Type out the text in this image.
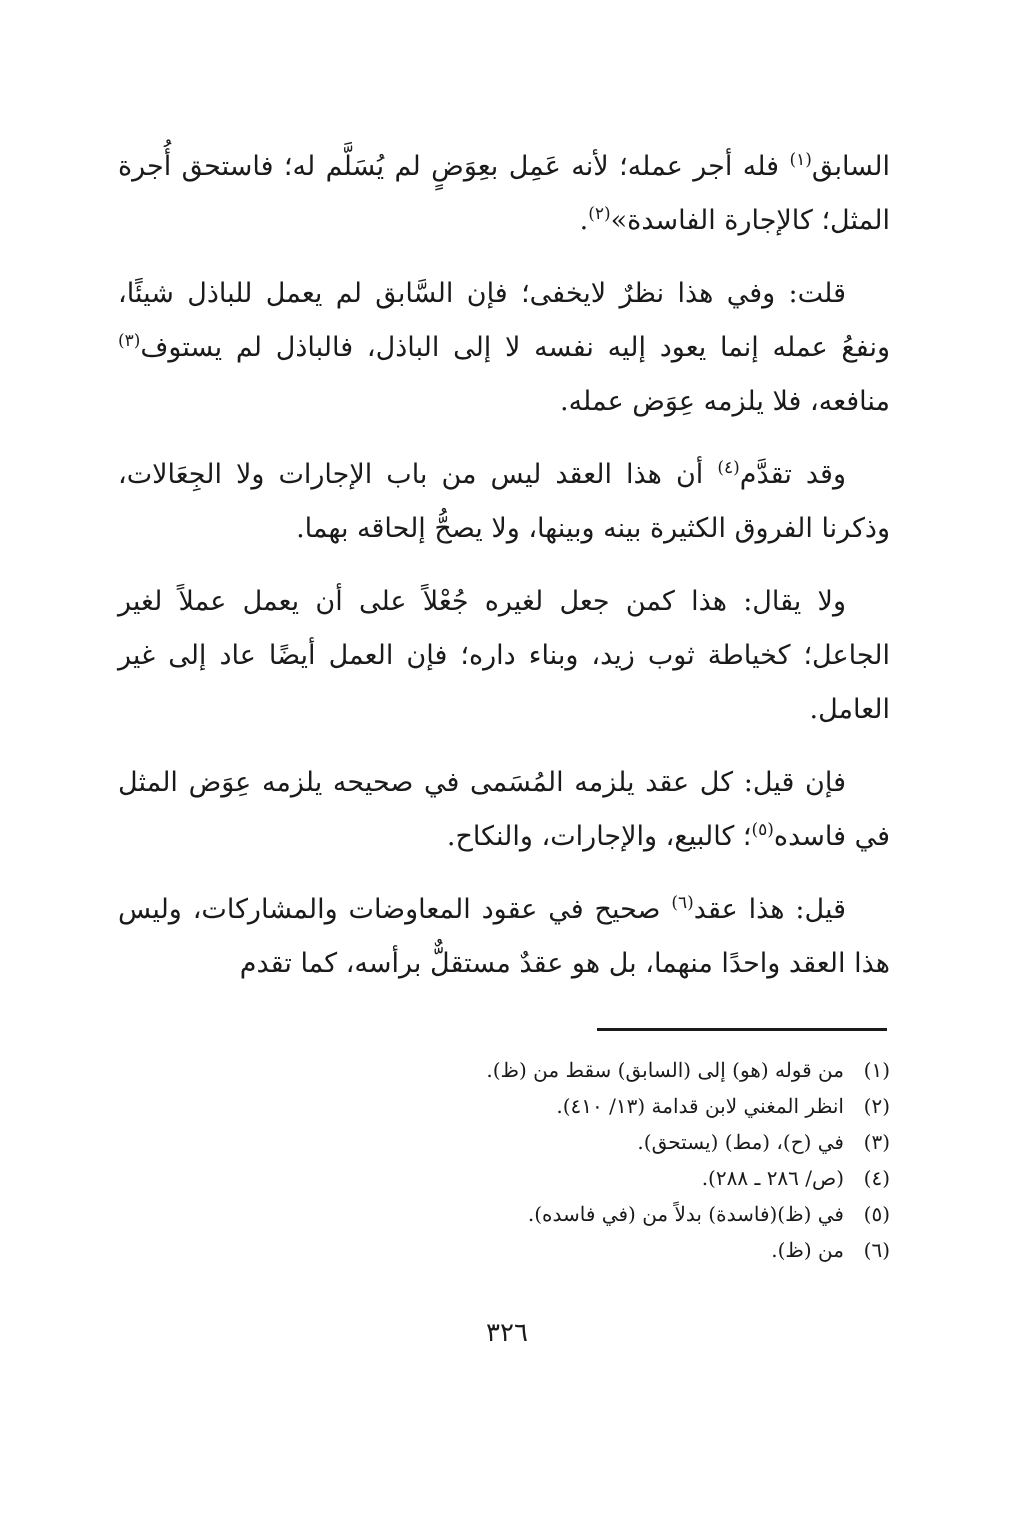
السابق$^{(١)}$ فله أجر عمله؛ لأنه عَمِل بعِوَضٍ لم يُسَلَّم له؛ فاستحق أُجرة المثل؛ كالإجارة الفاسدة»$^{(٢)}$.

قلت: وفي هذا نظرٌ لايخفى؛ فإن السَّابق لم يعمل للباذل شيئًا، ونفعُ عمله إنما يعود إليه نفسه لا إلى الباذل، فالباذل لم يستوف$^{(٣)}$ منافعه، فلا يلزمه عِوَض عمله.

وقد تقدَّم$^{(٤)}$ أن هذا العقد ليس من باب الإجارات ولا الجِعَالات، وذكرنا الفروق الكثيرة بينه وبينها، ولا يصحُّ إلحاقه بهما.

ولا يقال: هذا كمن جعل لغيره جُعْلاً على أن يعمل عملاً لغير الجاعل؛ كخياطة ثوب زيد، وبناء داره؛ فإن العمل أيضًا عاد إلى غير العامل.

فإن قيل: كل عقد يلزمه المُسَمى في صحيحه يلزمه عِوَض المثل في فاسده$^{(٥)}$؛ كالبيع، والإجارات، والنكاح.

قيل: هذا عقد$^{(٦)}$ صحيح في عقود المعاوضات والمشاركات، وليس هذا العقد واحدًا منهما، بل هو عقدٌ مستقلٌّ برأسه، كما تقدم

(١)من قوله (هو) إلى (السابق) سقط من (ظ).
(٢)انظر المغني لابن قدامة (١٣/ ٤١٠).
(٣)في (ح)، (مط) (يستحق).
(٤)(ص/ ٢٨٦ ـ ٢٨٨).
(٥)في (ظ)(فاسدة) بدلاً من (في فاسده).
(٦)من (ظ).
٣٢٦
